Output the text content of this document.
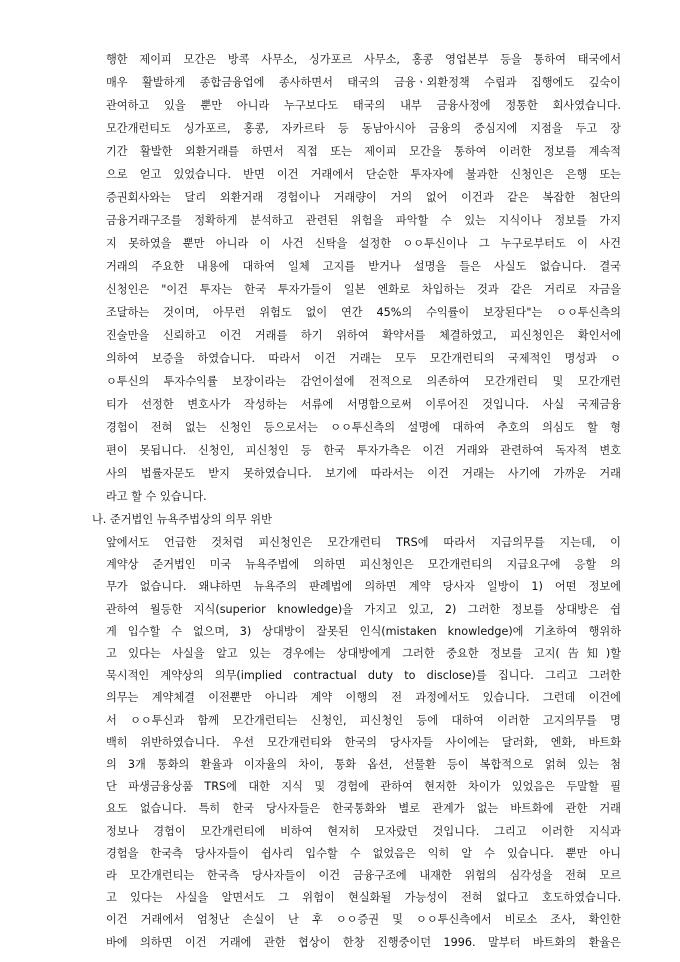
행한 제이피 모간은 방콕 사무소, 싱가포르 사무소, 홍콩 영업본부 등을 통하여 태국에서
매우 활발하게 종합금융업에 종사하면서 태국의 금융ㆍ외환정책 수립과 집행에도 깊숙이
관여하고 있을 뿐만 아니라 누구보다도 태국의 내부 금융사정에 정통한 회사였습니다.
모간개런티도 싱가포르, 홍콩, 자카르타 등 동남아시아 금융의 중심지에 지점을 두고 장
기간 활발한 외환거래를 하면서 직접 또는 제이피 모간을 통하여 이러한 정보를 계속적
으로 얻고 있었습니다. 반면 이건 거래에서 단순한 투자자에 불과한 신청인은 은행 또는
증권회사와는 달리 외환거래 경험이나 거래량이 거의 없어 이건과 같은 복잡한 첨단의
금융거래구조를 정확하게 분석하고 관련된 위험을 파악할 수 있는 지식이나 정보를 가지
지 못하였을 뿐만 아니라 이 사건 신탁을 설정한 ㅇㅇ투신이나 그 누구로부터도 이 사건
거래의 주요한 내용에 대하여 일체 고지를 받거나 설명을 들은 사실도 없습니다. 결국
신청인은 "이건 투자는 한국 투자가들이 일본 엔화로 차입하는 것과 같은 거리로 자금을
조달하는 것이며, 아무런 위험도 없이 연간 45%의 수익률이 보장된다"는 ㅇㅇ투신측의
진술만을 신뢰하고 이건 거래를 하기 위하여 확약서를 체결하였고, 피신청인은 확인서에
의하여 보증을 하였습니다. 따라서 이건 거래는 모두 모간개런티의 국제적인 명성과 ㅇ
ㅇ투신의 투자수익률 보장이라는 감언이설에 전적으로 의존하여 모간개런티 및 모간개런
티가 선정한 변호사가 작성하는 서류에 서명함으로써 이루어진 것입니다. 사실 국제금융
경험이 전혀 없는 신청인 등으로서는 ㅇㅇ투신측의 설명에 대하여 추호의 의심도 할 형
편이 못됩니다. 신청인, 피신청인 등 한국 투자가측은 이건 거래와 관련하여 독자적 변호
사의 법률자문도 받지 못하였습니다. 보기에 따라서는 이건 거래는 사기에 가까운 거래
라고 할 수 있습니다.
나. 준거법인 뉴욕주법상의 의무 위반
앞에서도 언급한 것처럼 피신청인은 모간개런티 TRS에 따라서 지급의무를 지는데, 이
계약상 준거법인 미국 뉴욕주법에 의하면 피신청인은 모간개런티의 지급요구에 응할 의
무가 없습니다. 왜냐하면 뉴욕주의 판례법에 의하면 계약 당사자 일방이 1) 어떤 정보에
관하여 월등한 지식(superior knowledge)을 가지고 있고, 2) 그러한 정보를 상대방은 쉽
게 입수할 수 없으며, 3) 상대방이 잘못된 인식(mistaken knowledge)에 기초하여 행위하
고 있다는 사실을 알고 있는 경우에는 상대방에게 그러한 중요한 정보를 고지(告知)할
묵시적인 계약상의 의무(implied contractual duty to disclose)를 집니다. 그리고 그러한
의무는 계약체결 이전뿐만 아니라 계약 이행의 전 과정에서도 있습니다. 그런데 이건에
서 ㅇㅇ투신과 함께 모간개런티는 신청인, 피신청인 등에 대하여 이러한 고지의무를 명
백히 위반하였습니다. 우선 모간개런티와 한국의 당사자들 사이에는 달러화, 엔화, 바트화
의 3개 통화의 환율과 이자율의 차이, 통화 옵션, 선물환 등이 복합적으로 얽혀 있는 첨
단 파생금융상품 TRS에 대한 지식 및 경험에 관하여 현저한 차이가 있었음은 두말할 필
요도 없습니다. 특히 한국 당사자들은 한국통화와 별로 관계가 없는 바트화에 관한 거래
정보나 경험이 모간개런티에 비하여 현저히 모자랐던 것입니다. 그리고 이러한 지식과
경험을 한국측 당사자들이 쉽사리 입수할 수 없었음은 익히 알 수 있습니다. 뿐만 아니
라 모간개런티는 한국측 당사자들이 이건 금융구조에 내재한 위험의 심각성을 전혀 모르
고 있다는 사실을 알면서도 그 위험이 현실화될 가능성이 전혀 없다고 호도하였습니다.
이건 거래에서 엄청난 손실이 난 후 ㅇㅇ증권 및 ㅇㅇ투신측에서 비로소 조사, 확인한
바에 의하면 이건 거래에 관한 협상이 한창 진행중이던 1996. 말부터 바트화의 환율은
